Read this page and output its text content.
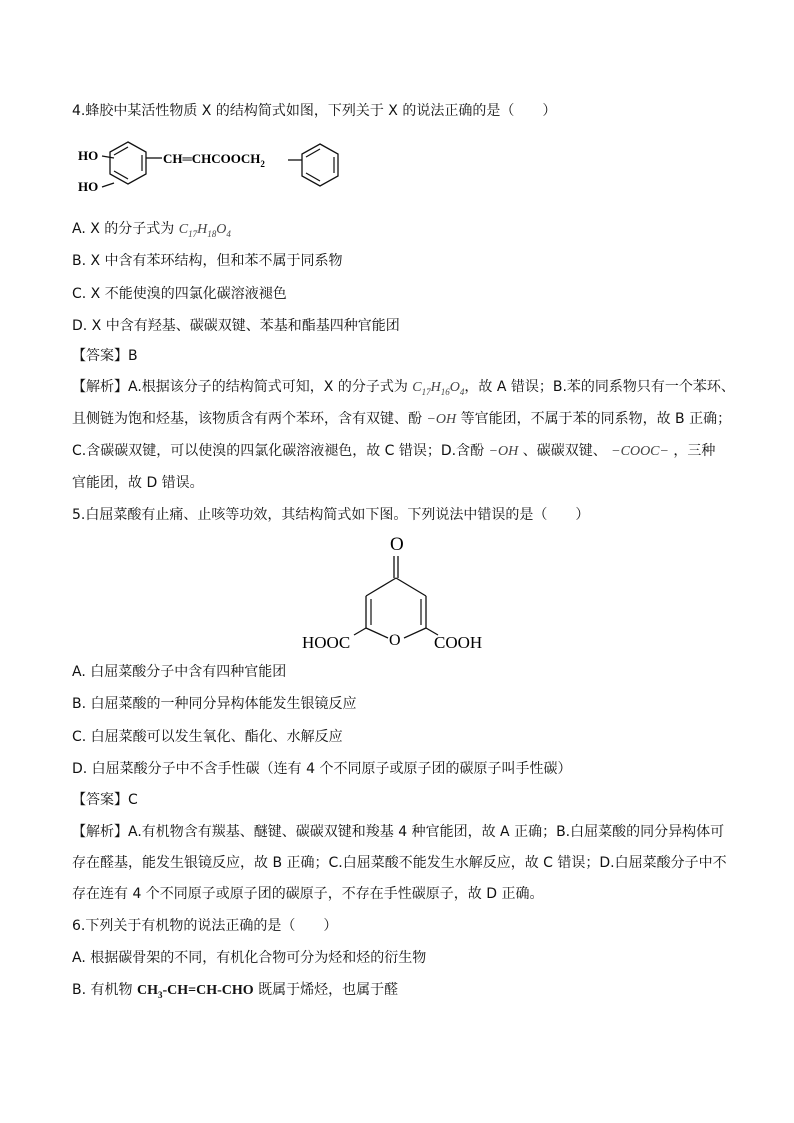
4.蜂胶中某活性物质 X 的结构简式如图，下列关于 X 的说法正确的是（　　）
HO
HO
$CH═CHCOOCH_2$
A. X 的分子式为 $C_{17}H_{18}O_4$
B. X 中含有苯环结构，但和苯不属于同系物
C. X 不能使溴的四氯化碳溶液褪色
D. X 中含有羟基、碳碳双键、苯基和酯基四种官能团
【答案】B
【解析】A.根据该分子的结构简式可知，X 的分子式为 $C_{17}H_{16}O_4$，故 A 错误；B.苯的同系物只有一个苯环、
且侧链为饱和烃基，该物质含有两个苯环，含有双键、酚 −OH 等官能团，不属于苯的同系物，故 B 正确；
C.含碳碳双键，可以使溴的四氯化碳溶液褪色，故 C 错误；D.含酚 −OH 、碳碳双键、 −COOC− ，三种
官能团，故 D 错误。
5.白屈菜酸有止痛、止咳等功效，其结构简式如下图。下列说法中错误的是（　　）
O
O
HOOC	COOH
A. 白屈菜酸分子中含有四种官能团
B. 白屈菜酸的一种同分异构体能发生银镜反应
C. 白屈菜酸可以发生氧化、酯化、水解反应
D. 白屈菜酸分子中不含手性碳（连有 4 个不同原子或原子团的碳原子叫手性碳）
【答案】C
【解析】A.有机物含有羰基、醚键、碳碳双键和羧基 4 种官能团，故 A 正确；B.白屈菜酸的同分异构体可
存在醛基，能发生银镜反应，故 B 正确；C.白屈菜酸不能发生水解反应，故 C 错误；D.白屈菜酸分子中不
存在连有 4 个不同原子或原子团的碳原子，不存在手性碳原子，故 D 正确。
6.下列关于有机物的说法正确的是（　　）
A. 根据碳骨架的不同，有机化合物可分为烃和烃的衍生物
B. 有机物 $CH_3-CH=CH$-CHO 既属于烯烃，也属于醛
